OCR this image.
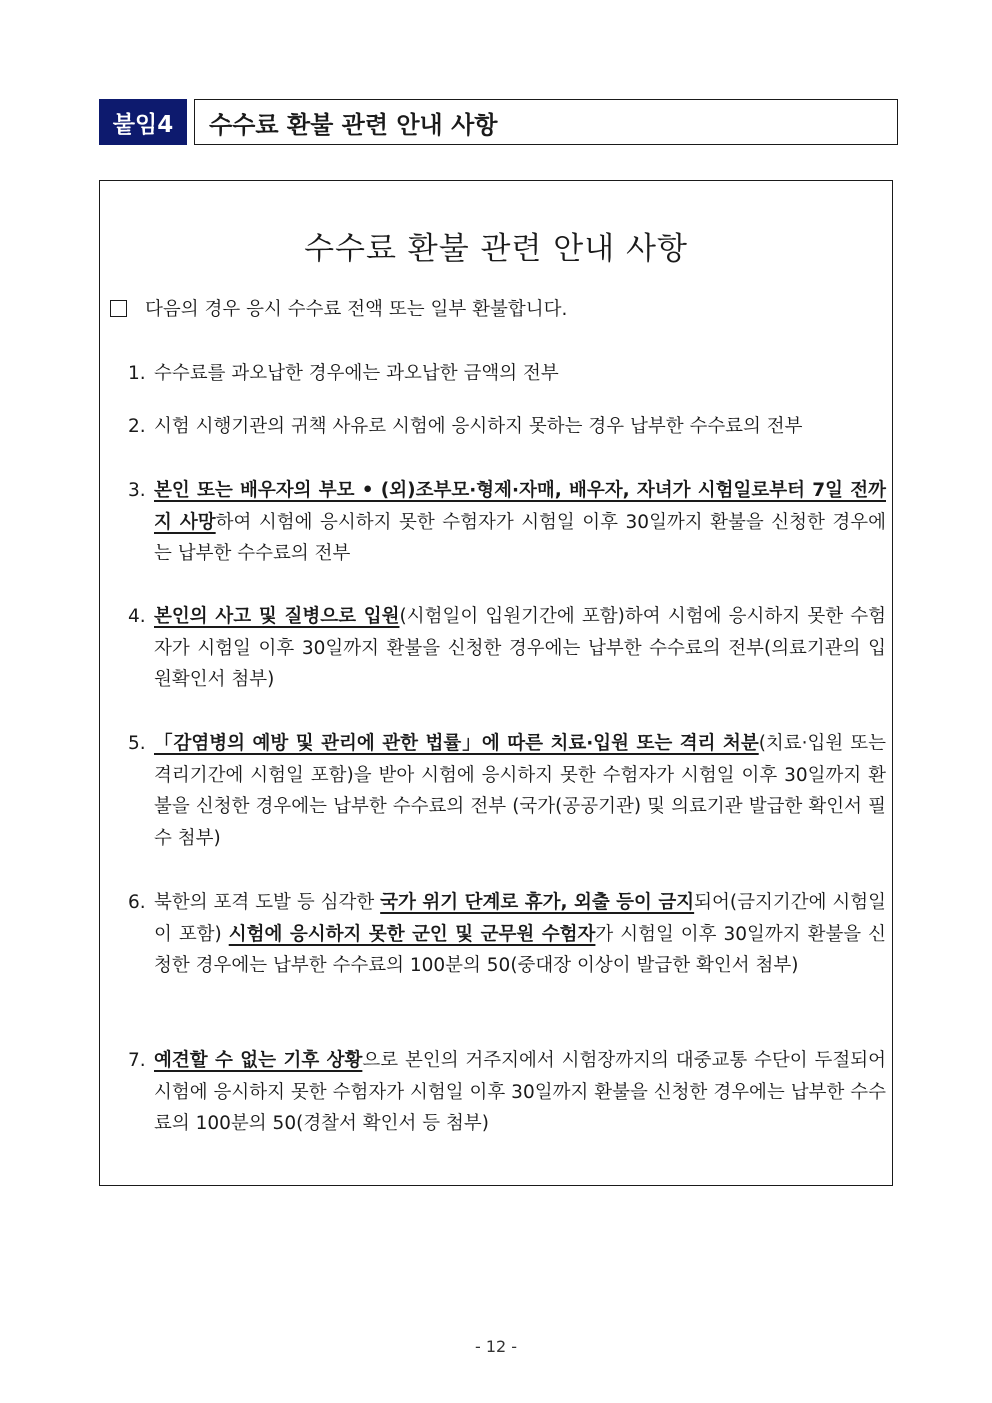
붙임4	수수료 환불 관련 안내 사항
수수료 환불 관련 안내 사항
다음의 경우 응시 수수료 전액 또는 일부 환불합니다.
1. 수수료를 과오납한 경우에는 과오납한 금액의 전부
2. 시험 시행기관의 귀책 사유로 시험에 응시하지 못하는 경우 납부한 수수료의 전부
3. 본인 또는 배우자의 부모 • (외)조부모·형제·자매, 배우자, 자녀가 시험일로부터 7일 전까지 사망하여 시험에 응시하지 못한 수험자가 시험일 이후 30일까지 환불을 신청한 경우에는 납부한 수수료의 전부
4. 본인의 사고 및 질병으로 입원(시험일이 입원기간에 포함)하여 시험에 응시하지 못한 수험자가 시험일 이후 30일까지 환불을 신청한 경우에는 납부한 수수료의 전부(의료기관의 입원확인서 첨부)
5. 「감염병의 예방 및 관리에 관한 법률」에 따른 치료·입원 또는 격리 처분(치료·입원 또는 격리기간에 시험일 포함)을 받아 시험에 응시하지 못한 수험자가 시험일 이후 30일까지 환불을 신청한 경우에는 납부한 수수료의 전부 (국가(공공기관) 및 의료기관 발급한 확인서 필수 첨부)
6. 북한의 포격 도발 등 심각한 국가 위기 단계로 휴가, 외출 등이 금지되어(금지기간에 시험일이 포함) 시험에 응시하지 못한 군인 및 군무원 수험자가 시험일 이후 30일까지 환불을 신청한 경우에는 납부한 수수료의 100분의 50(중대장 이상이 발급한 확인서 첨부)
7. 예견할 수 없는 기후 상황으로 본인의 거주지에서 시험장까지의 대중교통 수단이 두절되어 시험에 응시하지 못한 수험자가 시험일 이후 30일까지 환불을 신청한 경우에는 납부한 수수료의 100분의 50(경찰서 확인서 등 첨부)
- 12 -
